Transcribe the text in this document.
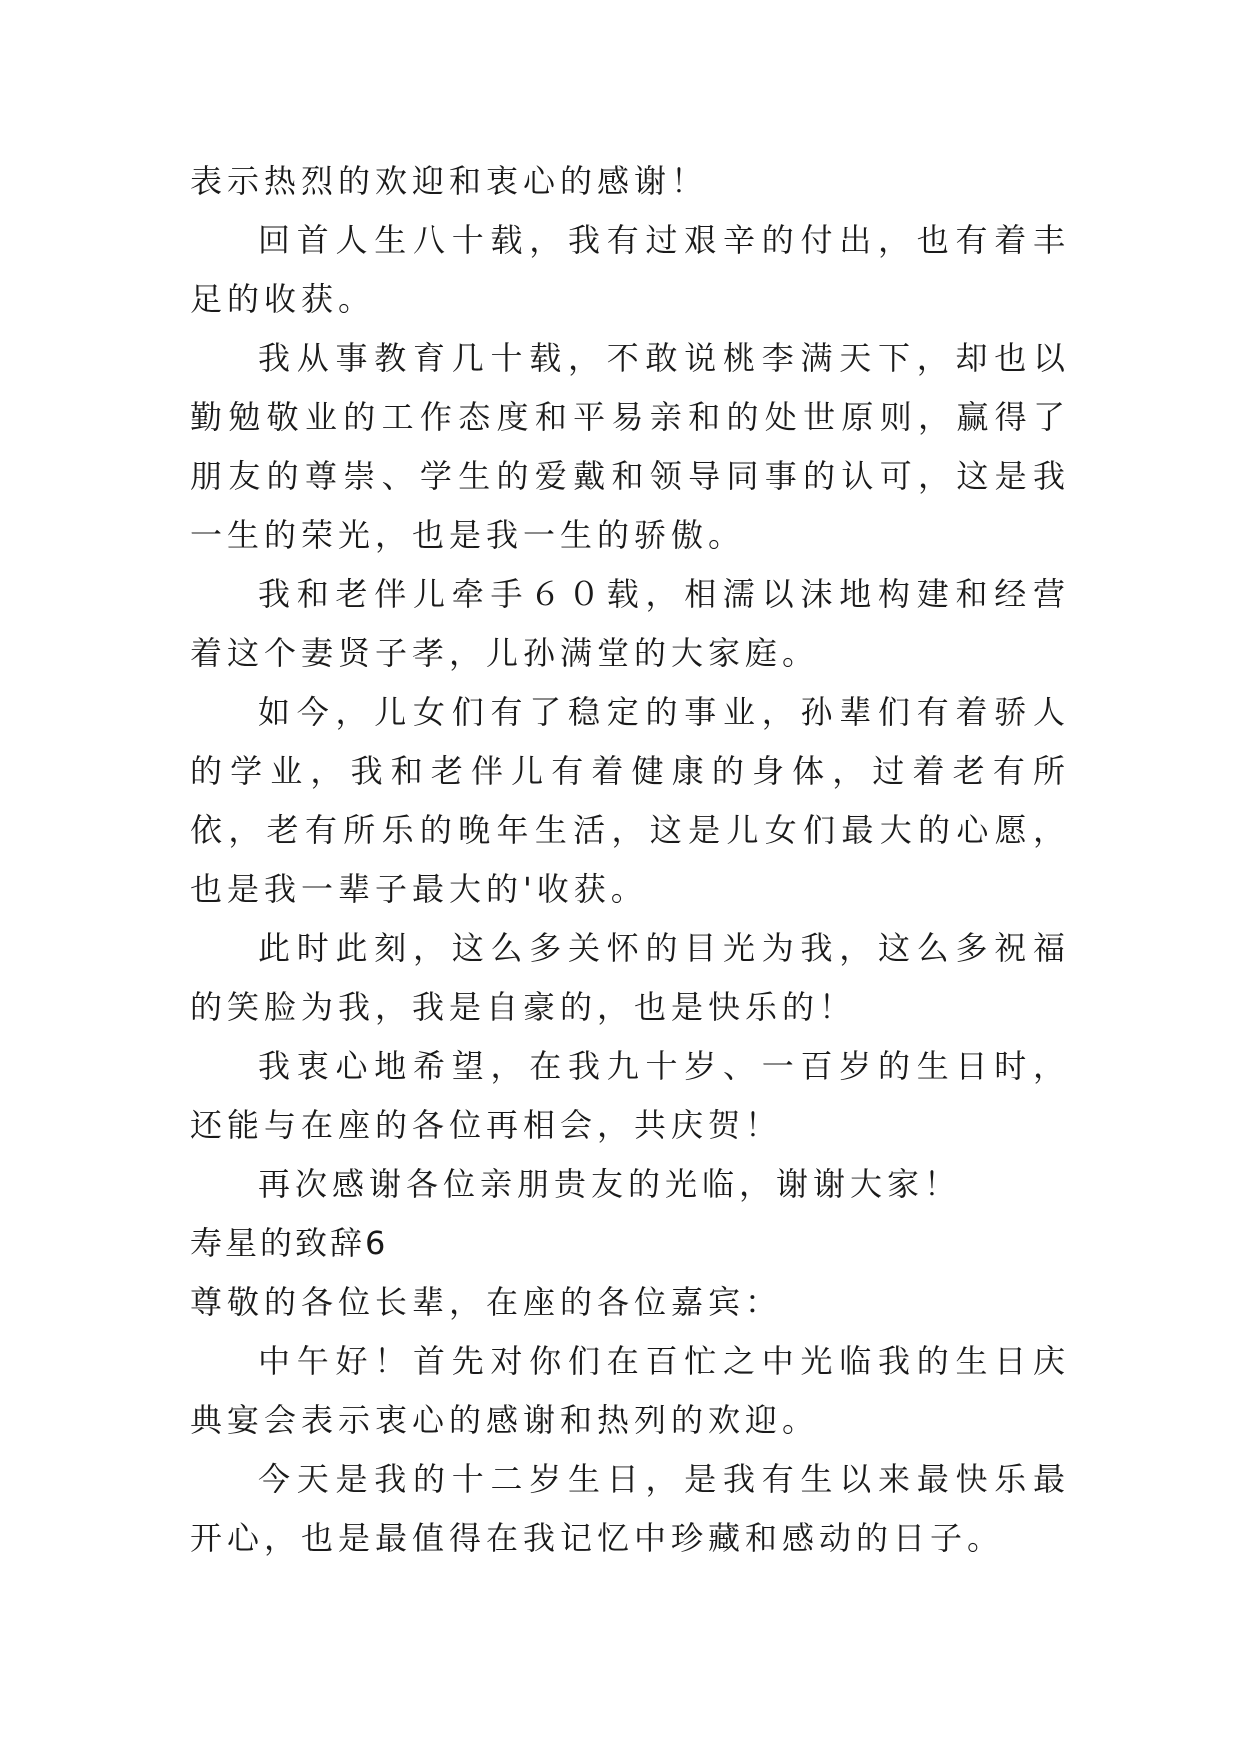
表示热烈的欢迎和衷心的感谢！

回首人生八十载，我有过艰辛的付出，也有着丰足的收获。

我从事教育几十载，不敢说桃李满天下，却也以勤勉敬业的工作态度和平易亲和的处世原则，赢得了朋友的尊崇、学生的爱戴和领导同事的认可，这是我一生的荣光，也是我一生的骄傲。

我和老伴儿牵手６０载，相濡以沫地构建和经营着这个妻贤子孝，儿孙满堂的大家庭。

如今，儿女们有了稳定的事业，孙辈们有着骄人的学业，我和老伴儿有着健康的身体，过着老有所依，老有所乐的晚年生活，这是儿女们最大的心愿，也是我一辈子最大的'收获。

此时此刻，这么多关怀的目光为我，这么多祝福的笑脸为我，我是自豪的，也是快乐的！

我衷心地希望，在我九十岁、一百岁的生日时，还能与在座的各位再相会，共庆贺！

再次感谢各位亲朋贵友的光临，谢谢大家！

寿星的致辞6

尊敬的各位长辈，在座的各位嘉宾：

中午好！首先对你们在百忙之中光临我的生日庆典宴会表示衷心的感谢和热列的欢迎。

今天是我的十二岁生日，是我有生以来最快乐最开心，也是最值得在我记忆中珍藏和感动的日子。
